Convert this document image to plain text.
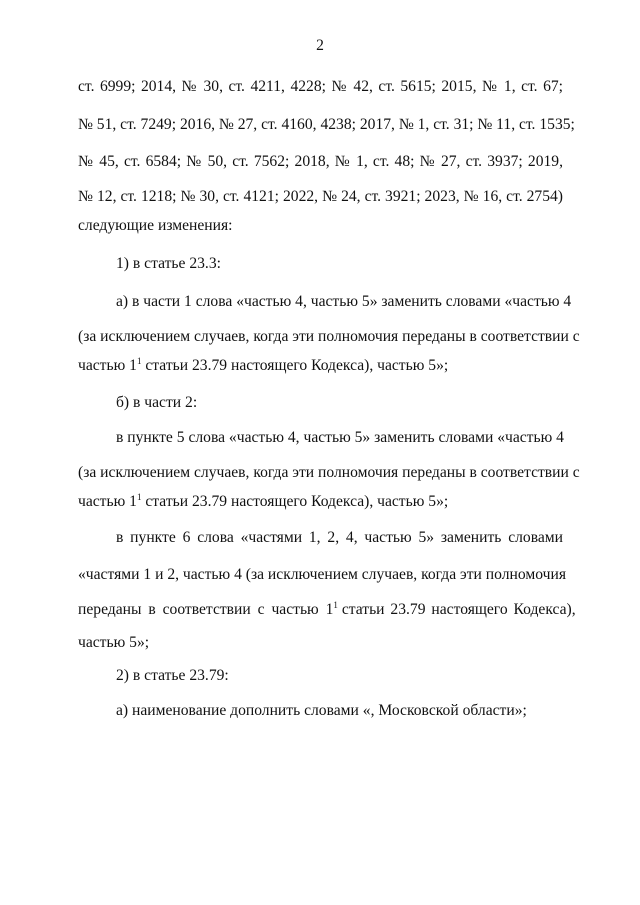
2
ст. 6999; 2014, № 30, ст. 4211, 4228; № 42, ст. 5615; 2015, № 1, ст. 67;
№ 51, ст. 7249; 2016, № 27, ст. 4160, 4238; 2017, № 1, ст. 31; № 11, ст. 1535;
№ 45, ст. 6584; № 50, ст. 7562; 2018, № 1, ст. 48; № 27, ст. 3937; 2019,
№ 12, ст. 1218; № 30, ст. 4121; 2022, № 24, ст. 3921; 2023, № 16, ст. 2754)
следующие изменения:
1) в статье 23.3:
а) в части 1 слова «частью 4, частью 5» заменить словами «частью 4
(за исключением случаев, когда эти полномочия переданы в соответствии с
частью $1^1$ статьи 23.79 настоящего Кодекса), частью 5»;
б) в части 2:
в пункте 5 слова «частью 4, частью 5» заменить словами «частью 4
(за исключением случаев, когда эти полномочия переданы в соответствии с
частью $1^1$ статьи 23.79 настоящего Кодекса), частью 5»;
в пункте 6 слова «частями 1, 2, 4, частью 5» заменить словами
«частями 1 и 2, частью 4 (за исключением случаев, когда эти полномочия
переданы в соответствии с частью $1^1$ статьи 23.79 настоящего Кодекса),
частью 5»;
2) в статье 23.79:
а) наименование дополнить словами «, Московской области»;
